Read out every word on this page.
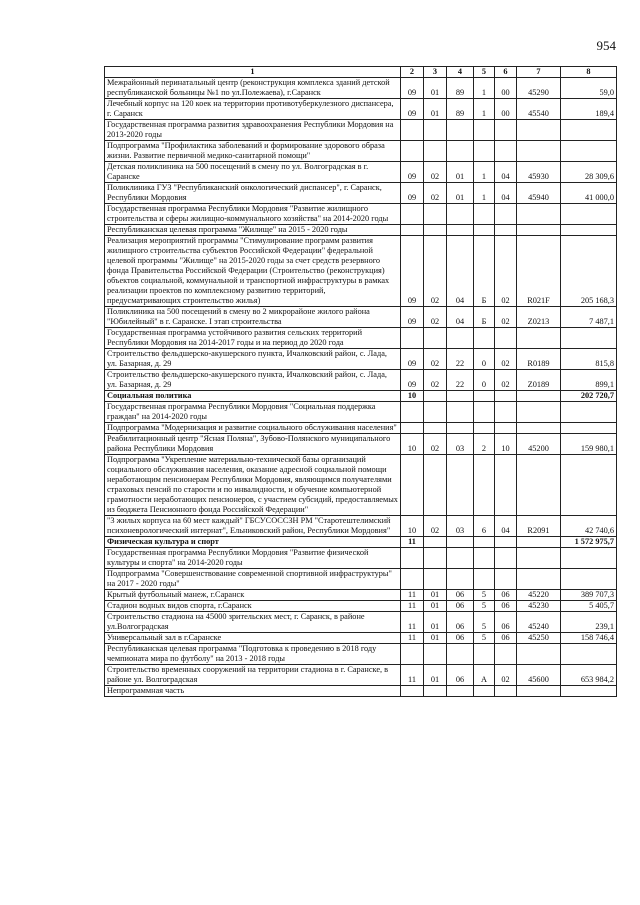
954
1	2	3	4	5	6	7	8
Межрайонный перинатальный центр (реконструкция комплекса зданий детской республиканской больницы №1 по ул.Полежаева), г.Саранск	09	01	89	1	00	45290	59,0
Лечебный корпус на 120 коек на территории противотуберкулезного диспансера, г. Саранск	09	01	89	1	00	45540	189,4
Государственная программа развития здравоохранения Республики Мордовия на 2013-2020 годы							
Подпрограмма "Профилактика заболеваний и формирование здорового образа жизни. Развитие первичной медико-санитарной помощи"							
Детская поликлиника на 500 посещений в смену по ул. Волгоградская в г. Саранске	09	02	01	1	04	45930	28 309,6
Поликлиника ГУЗ "Республиканский онкологический диспансер", г. Саранск, Республики Мордовия	09	02	01	1	04	45940	41 000,0
Государственная программа Республики Мордовия "Развитие жилищного строительства и сферы жилищно-коммунального хозяйства" на 2014-2020 годы							
Республиканская целевая программа "Жилище" на 2015 - 2020 годы							
Реализация мероприятий программы "Стимулирование программ развития жилищного строительства субъектов Российской Федерации" федеральной целевой программы "Жилище" на 2015-2020 годы за счет средств резервного фонда Правительства Российской Федерации (Строительство (реконструкция) объектов социальной, коммунальной и транспортной инфраструктуры в рамках реализации проектов по комплексному развитию территорий, предусматривающих строительство жилья)	09	02	04	Б	02	R021F	205 168,3
Поликлиника на 500 посещений в смену во 2 микрорайоне жилого района "Юбилейный" в г. Саранске. I этап строительства	09	02	04	Б	02	Z0213	7 487,1
Государственная программа устойчивого развития сельских территорий Республики Мордовия на 2014-2017 годы и на период до 2020 года							
Строительство фельдшерско-акушерского пункта, Ичалковский район, с. Лада, ул. Базарная, д. 29	09	02	22	0	02	R0189	815,8
Строительство фельдшерско-акушерского пункта, Ичалковский район, с. Лада, ул. Базарная, д. 29	09	02	22	0	02	Z0189	899,1
Социальная политика	10						202 720,7
Государственная программа Республики Мордовия "Социальная поддержка граждан" на 2014-2020 годы							
Подпрограмма "Модернизация и развитие социального обслуживания населения"							
Реабилитационный центр "Ясная Поляна", Зубово-Полянского муниципального района Республики Мордовия	10	02	03	2	10	45200	159 980,1
Подпрограмма "Укрепление материально-технической базы организаций социального обслуживания населения, оказание адресной социальной помощи неработающим пенсионерам Республики Мордовия, являющимся получателями страховых пенсий по старости и по инвалидности, и обучение компьютерной грамотности неработающих пенсионеров, с участием субсидий, предоставляемых из бюджета Пенсионного фонда Российской Федерации"							
"3 жилых корпуса на 60 мест каждый" ГБСУСОССЗН РМ "Старотештелимский психоневрологический интернат", Ельниковский район, Республики Мордовия"	10	02	03	6	04	R2091	42 740,6
Физическая культура и спорт	11						1 572 975,7
Государственная программа Республики Мордовия "Развитие физической культуры и спорта" на 2014-2020 годы							
Подпрограмма "Совершенствование современной спортивной инфраструктуры" на 2017 - 2020 годы"							
Крытый футбольный манеж, г.Саранск	11	01	06	5	06	45220	389 707,3
Стадион водных видов спорта, г.Саранск	11	01	06	5	06	45230	5 405,7
Строительство стадиона на 45000 зрительских мест, г. Саранск, в районе ул.Волгоградская	11	01	06	5	06	45240	239,1
Универсальный зал в г.Саранске	11	01	06	5	06	45250	158 746,4
Республиканская целевая программа "Подготовка к проведению в 2018 году чемпионата мира по футболу" на 2013 - 2018 годы							
Строительство временных сооружений на территории стадиона в г. Саранске, в районе ул. Волгоградская	11	01	06	А	02	45600	653 984,2
Непрограммная часть							
